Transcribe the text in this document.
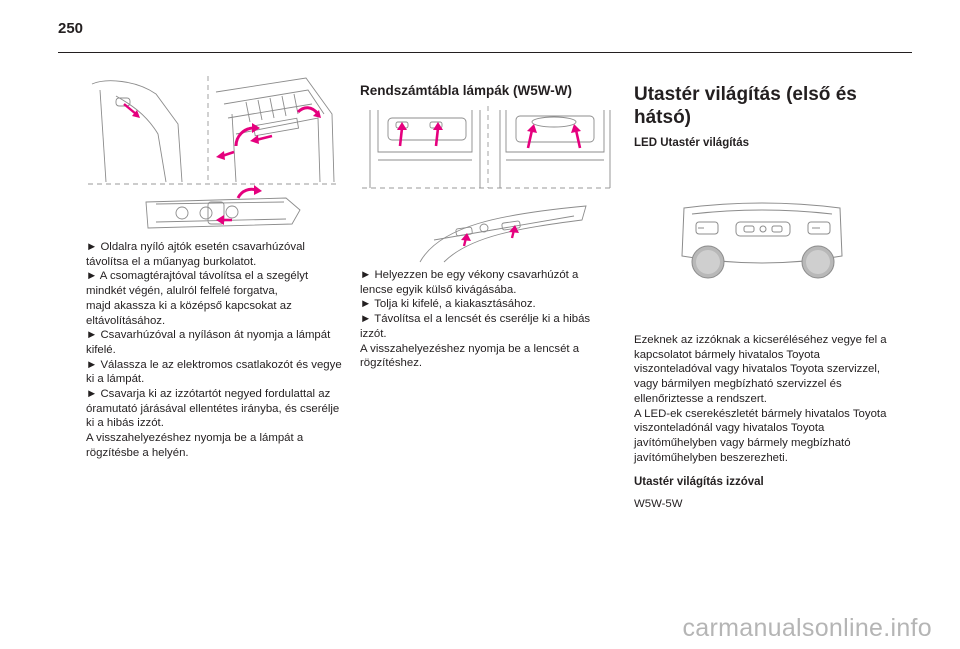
250

► Oldalra nyíló ajtók esetén csavarhúzóval távolítsa el a műanyag burkolatot.

► A csomagtérajtóval távolítsa el a szegélyt mindkét végén, alulról felfelé forgatva,

majd akassza ki a középső kapcsokat az eltávolításához.

► Csavarhúzóval a nyíláson át nyomja a lámpát kifelé.

► Válassza le az elektromos csatlakozót és vegye ki a lámpát.

► Csavarja ki az izzótartót negyed fordulattal az óramutató járásával ellentétes irányba, és cserélje ki a hibás izzót.

A visszahelyezéshez nyomja be a lámpát a rögzítésbe a helyén.

Rendszámtábla lámpák (W5W-W)

► Helyezzen be egy vékony csavarhúzót a lencse egyik külső kivágásába.

► Tolja ki kifelé, a kiakasztásához.

► Távolítsa el a lencsét és cserélje ki a hibás izzót.

A visszahelyezéshez nyomja be a lencsét a rögzítéshez.

Utastér világítás (első és hátsó)
LED Utastér világítás

Ezeknek az izzóknak a kicseréléséhez vegye fel a kapcsolatot bármely hivatalos Toyota viszonteladóval vagy hivatalos Toyota szervizzel, vagy bármilyen megbízható szervizzel és ellenőriztesse a rendszert.

A LED-ek cserekészletét bármely hivatalos Toyota viszonteladónál vagy hivatalos Toyota javítóműhelyben vagy bármely megbízható javítóműhelyben beszerezheti.

Utastér világítás izzóval
W5W-5W
carmanualsonline.info
